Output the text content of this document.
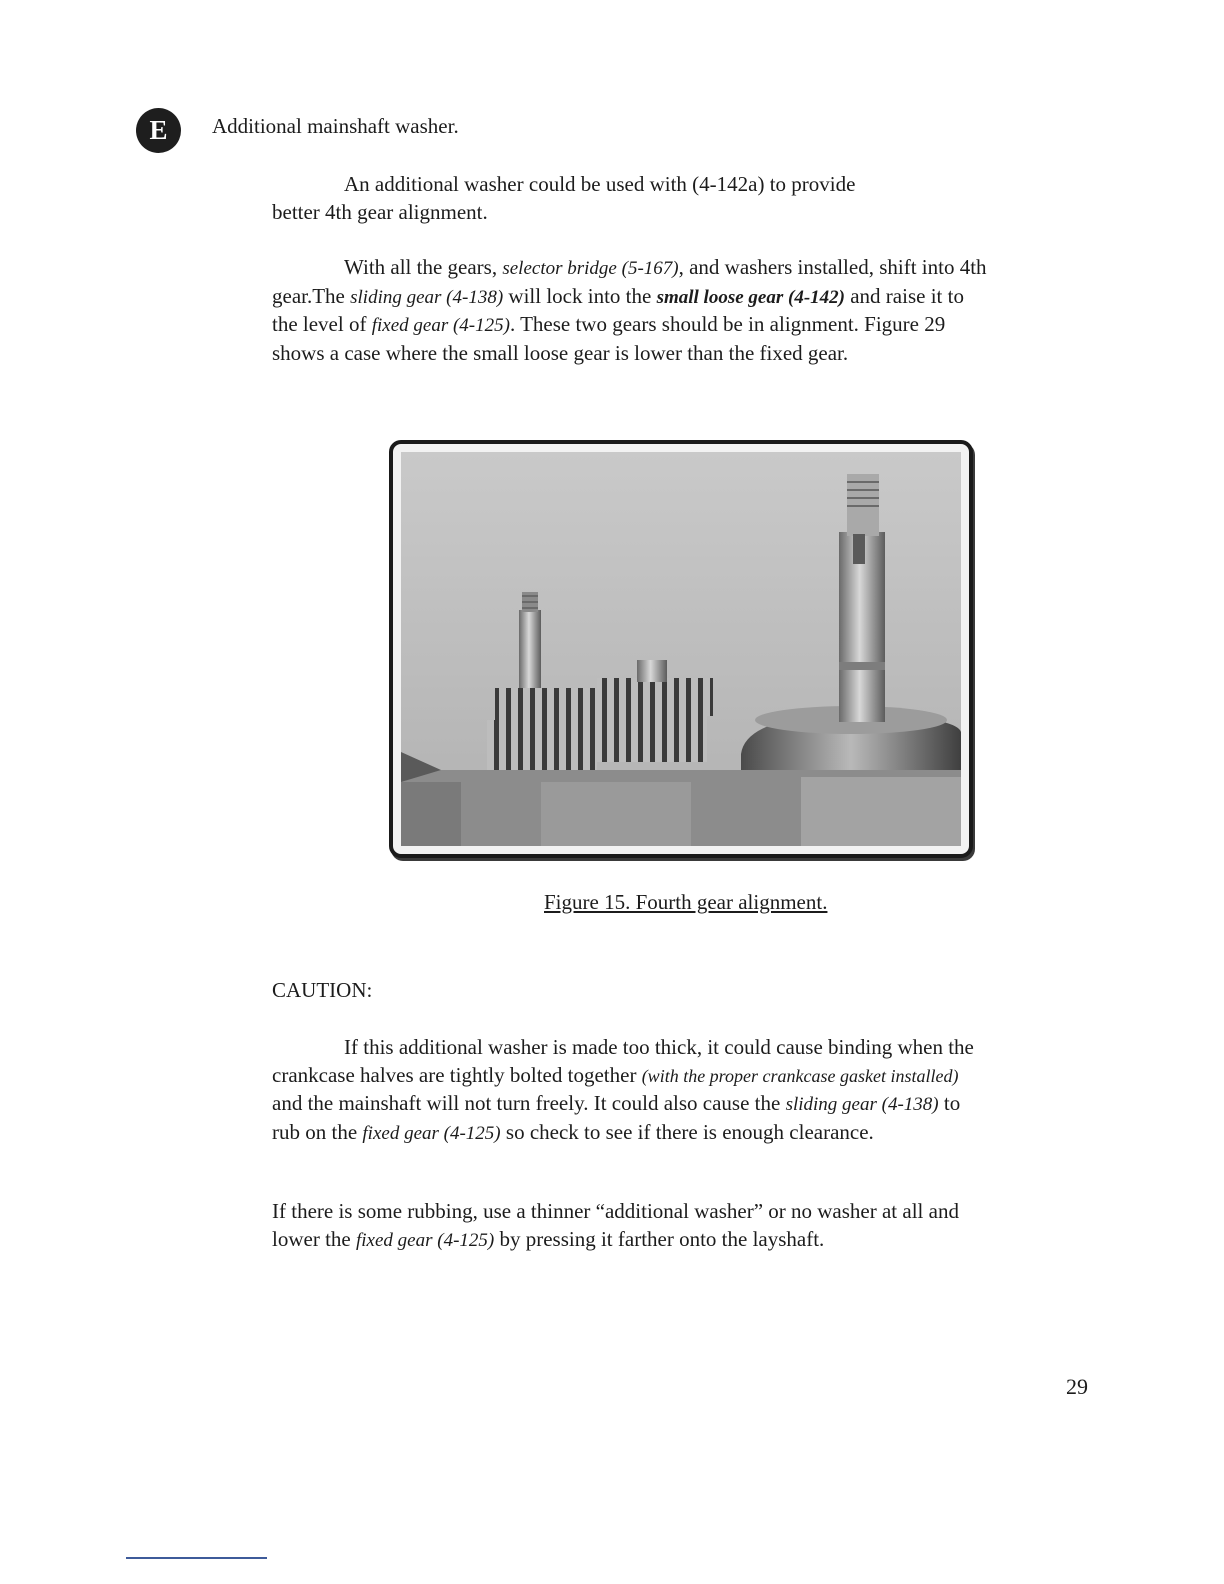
E	Additional mainshaft washer.

An additional washer could be used with (4-142a) to provide

better 4th gear alignment.

With all the gears, selector bridge (5-167), and washers installed, shift into 4th gear.The sliding gear (4-138) will lock into the small loose gear (4-142) and raise it to the level of fixed gear (4-125). These two gears should be in alignment. Figure 29 shows a case where the small loose gear is lower than the fixed gear.

Figure 15. Fourth gear alignment.
CAUTION:

If this additional washer is made too thick, it could cause binding when the crankcase halves are tightly bolted together (with the proper crankcase gasket installed) and the mainshaft will not turn freely. It could also cause the sliding gear (4-138) to rub on the fixed gear (4-125) so check to see if there is enough clearance.

If there is some rubbing, use a thinner “additional washer” or no washer at all and lower the fixed gear (4-125) by pressing it farther onto the layshaft.

29
